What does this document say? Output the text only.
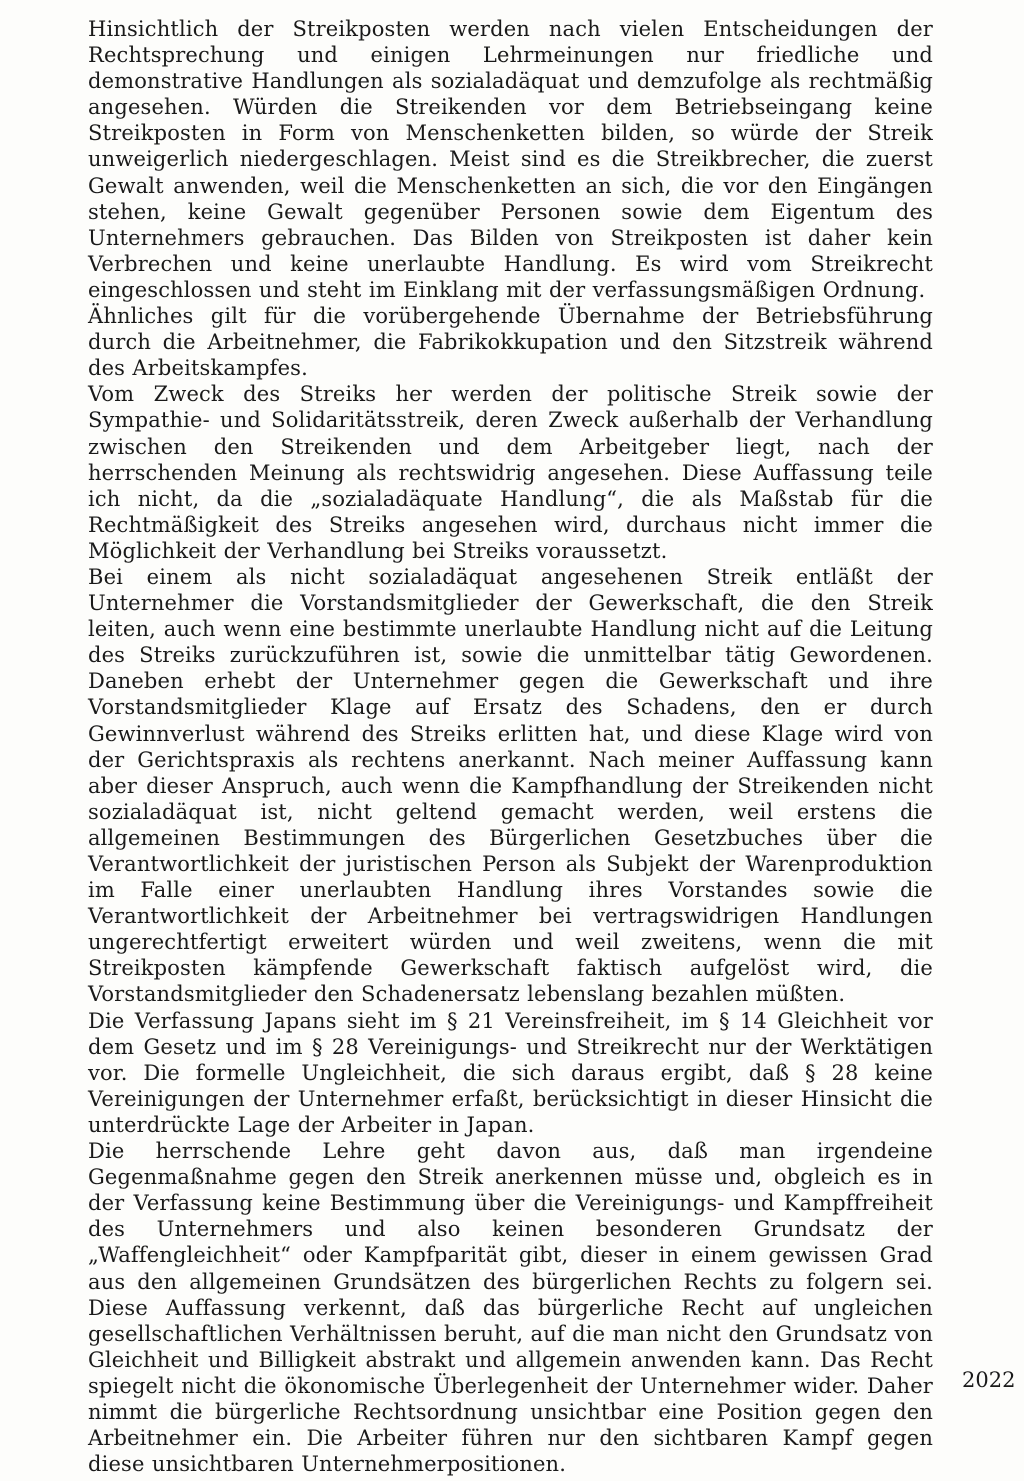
Hinsichtlich der Streikposten werden nach vielen Entscheidungen der Rechtsprechung und einigen Lehrmeinungen nur friedliche und demonstrative Handlungen als sozialadäquat und demzufolge als rechtmäßig angesehen. Würden die Streikenden vor dem Betriebseingang keine Streikposten in Form von Menschenketten bilden, so würde der Streik unweigerlich niedergeschlagen. Meist sind es die Streikbrecher, die zuerst Gewalt anwenden, weil die Menschenketten an sich, die vor den Eingängen stehen, keine Gewalt gegenüber Personen sowie dem Eigentum des Unternehmers gebrauchen. Das Bilden von Streikposten ist daher kein Verbrechen und keine unerlaubte Handlung. Es wird vom Streikrecht eingeschlossen und steht im Einklang mit der verfassungsmäßigen Ordnung.

Ähnliches gilt für die vorübergehende Übernahme der Betriebsführung durch die Arbeitnehmer, die Fabrikokkupation und den Sitzstreik während des Arbeitskampfes.

Vom Zweck des Streiks her werden der politische Streik sowie der Sympathie- und Solidaritätsstreik, deren Zweck außerhalb der Verhandlung zwischen den Streikenden und dem Arbeitgeber liegt, nach der herrschenden Meinung als rechtswidrig angesehen. Diese Auffassung teile ich nicht, da die „sozialadäquate Handlung“, die als Maßstab für die Rechtmäßigkeit des Streiks angesehen wird, durchaus nicht immer die Möglichkeit der Verhandlung bei Streiks voraussetzt.

Bei einem als nicht sozialadäquat angesehenen Streik entläßt der Unternehmer die Vorstandsmitglieder der Gewerkschaft, die den Streik leiten, auch wenn eine bestimmte unerlaubte Handlung nicht auf die Leitung des Streiks zurückzuführen ist, sowie die unmittelbar tätig Gewordenen. Daneben erhebt der Unternehmer gegen die Gewerkschaft und ihre Vorstandsmitglieder Klage auf Ersatz des Schadens, den er durch Gewinnverlust während des Streiks erlitten hat, und diese Klage wird von der Gerichtspraxis als rechtens anerkannt. Nach meiner Auffassung kann aber dieser Anspruch, auch wenn die Kampfhandlung der Streikenden nicht sozialadäquat ist, nicht geltend gemacht werden, weil erstens die allgemeinen Bestimmungen des Bürgerlichen Gesetzbuches über die Verantwortlichkeit der juristischen Person als Subjekt der Warenproduktion im Falle einer unerlaubten Handlung ihres Vorstandes sowie die Verantwortlichkeit der Arbeitnehmer bei vertragswidrigen Handlungen ungerechtfertigt erweitert würden und weil zweitens, wenn die mit Streikposten kämpfende Gewerkschaft faktisch aufgelöst wird, die Vorstandsmitglieder den Schadenersatz lebenslang bezahlen müßten.

Die Verfassung Japans sieht im § 21 Vereinsfreiheit, im § 14 Gleichheit vor dem Gesetz und im § 28 Vereinigungs- und Streikrecht nur der Werktätigen vor. Die formelle Ungleichheit, die sich daraus ergibt, daß § 28 keine Vereinigungen der Unternehmer erfaßt, berücksichtigt in dieser Hinsicht die unterdrückte Lage der Arbeiter in Japan.

Die herrschende Lehre geht davon aus, daß man irgendeine Gegenmaßnahme gegen den Streik anerkennen müsse und, obgleich es in der Verfassung keine Bestimmung über die Vereinigungs- und Kampffreiheit des Unternehmers und also keinen besonderen Grundsatz der „Waffengleichheit“ oder Kampfparität gibt, dieser in einem gewissen Grad aus den allgemeinen Grundsätzen des bürgerlichen Rechts zu folgern sei. Diese Auffassung verkennt, daß das bürgerliche Recht auf ungleichen gesellschaftlichen Verhältnissen beruht, auf die man nicht den Grundsatz von Gleichheit und Billigkeit abstrakt und allgemein anwenden kann. Das Recht spiegelt nicht die ökonomische Überlegenheit der Unternehmer wider. Daher nimmt die bürgerliche Rechtsordnung unsichtbar eine Position gegen den Arbeitnehmer ein. Die Arbeiter führen nur den sichtbaren Kampf gegen diese unsichtbaren Unternehmerpositionen.

2022
